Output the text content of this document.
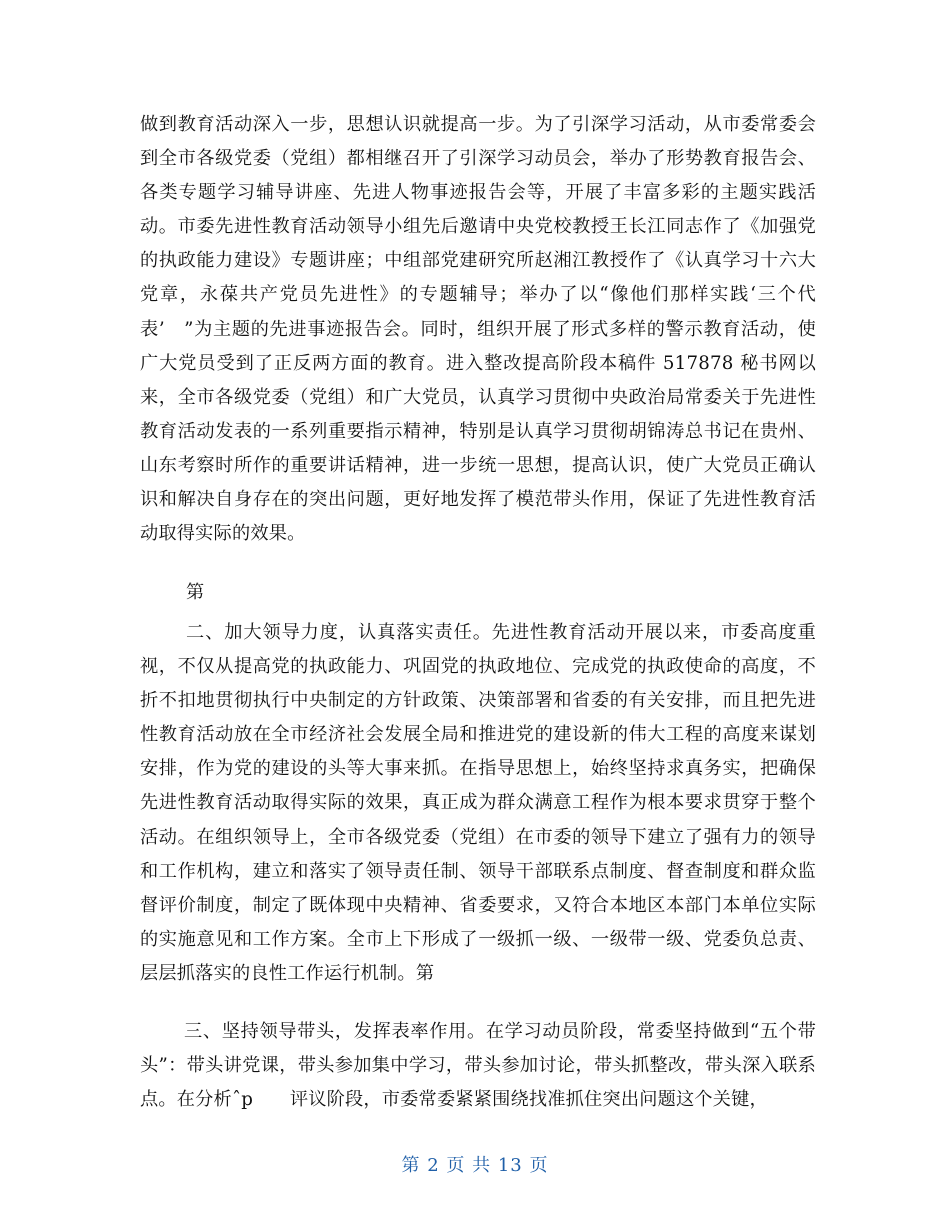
做到教育活动深入一步，思想认识就提高一步。为了引深学习活动，从市委常委会到全市各级党委（党组）都相继召开了引深学习动员会，举办了形势教育报告会、各类专题学习辅导讲座、先进人物事迹报告会等，开展了丰富多彩的主题实践活动。市委先进性教育活动领导小组先后邀请中央党校教授王长江同志作了《加强党的执政能力建设》专题讲座；中组部党建研究所赵湘江教授作了《认真学习十六大党章，永葆共产党员先进性》的专题辅导；举办了以“像他们那样实践‘三个代表’　”为主题的先进事迹报告会。同时，组织开展了形式多样的警示教育活动，使广大党员受到了正反两方面的教育。进入整改提高阶段本稿件 517878 秘书网以来，全市各级党委（党组）和广大党员，认真学习贯彻中央政治局常委关于先进性教育活动发表的一系列重要指示精神，特别是认真学习贯彻胡锦涛总书记在贵州、山东考察时所作的重要讲话精神，进一步统一思想，提高认识，使广大党员正确认识和解决自身存在的突出问题，更好地发挥了模范带头作用，保证了先进性教育活动取得实际的效果。

第

二、加大领导力度，认真落实责任。先进性教育活动开展以来，市委高度重视，不仅从提高党的执政能力、巩固党的执政地位、完成党的执政使命的高度，不折不扣地贯彻执行中央制定的方针政策、决策部署和省委的有关安排，而且把先进性教育活动放在全市经济社会发展全局和推进党的建设新的伟大工程的高度来谋划安排，作为党的建设的头等大事来抓。在指导思想上，始终坚持求真务实，把确保先进性教育活动取得实际的效果，真正成为群众满意工程作为根本要求贯穿于整个活动。在组织领导上，全市各级党委（党组）在市委的领导下建立了强有力的领导和工作机构，建立和落实了领导责任制、领导干部联系点制度、督查制度和群众监督评价制度，制定了既体现中央精神、省委要求，又符合本地区本部门本单位实际的实施意见和工作方案。全市上下形成了一级抓一级、一级带一级、党委负总责、层层抓落实的良性工作运行机制。第

三、坚持领导带头，发挥表率作用。在学习动员阶段，常委坚持做到“五个带头”：带头讲党课，带头参加集中学习，带头参加讨论，带头抓整改，带头深入联系点。在分析ˆp　　评议阶段，市委常委紧紧围绕找准抓住突出问题这个关键，

第 2 页 共 13 页
